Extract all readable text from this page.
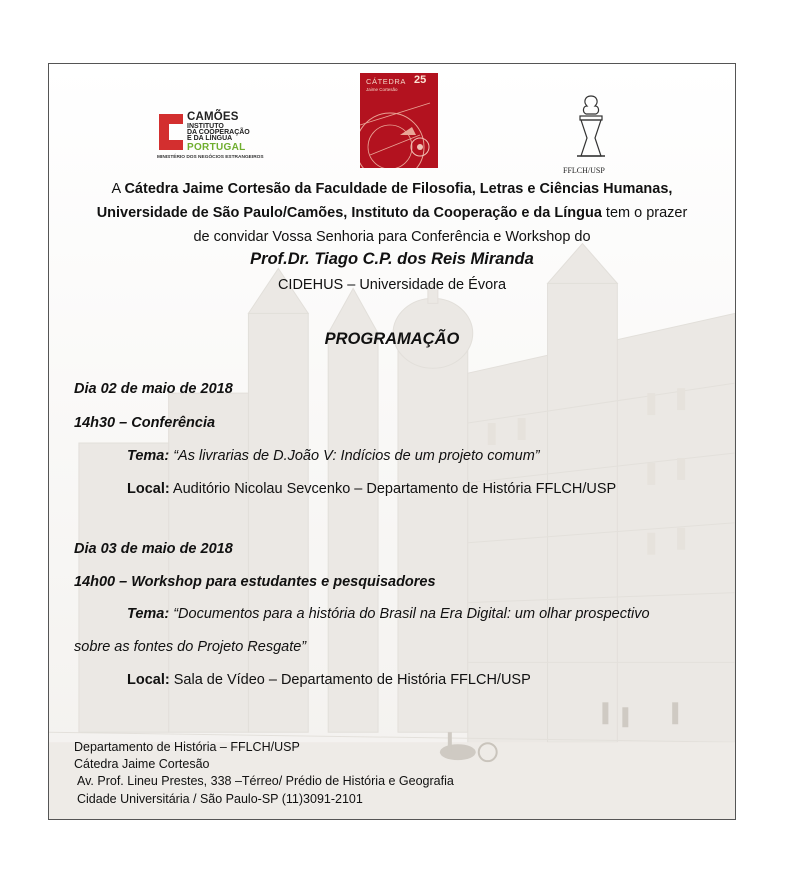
CAMÕES
INSTITUTO
DA COOPERAÇÃO
E DA LÍNGUA
PORTUGAL
MINISTÉRIO DOS NEGÓCIOS ESTRANGEIROS
CÁTEDRA 25
Jaime Cortesão
FFLCH/USP
A Cátedra Jaime Cortesão da Faculdade de Filosofia, Letras e Ciências Humanas,
Universidade de São Paulo/Camões, Instituto da Cooperação e da Língua tem o prazer
de convidar Vossa Senhoria para Conferência e Workshop do
Prof.Dr. Tiago C.P. dos Reis Miranda
CIDEHUS – Universidade de Évora
PROGRAMAÇÃO
Dia 02 de maio de 2018
14h30 – Conferência
Tema: “As livrarias de D.João V: Indícios de um projeto comum”
Local: Auditório Nicolau Sevcenko – Departamento de História FFLCH/USP
Dia 03 de maio de 2018
14h00 – Workshop para estudantes e pesquisadores
Tema: “Documentos para a história do Brasil na Era Digital: um olhar prospectivo
sobre as fontes do Projeto Resgate”
Local: Sala de Vídeo – Departamento de História FFLCH/USP
Departamento de História – FFLCH/USP
Cátedra Jaime Cortesão
Av. Prof. Lineu Prestes, 338 –Térreo/ Prédio de História e Geografia
Cidade Universitária / São Paulo-SP (11)3091-2101
